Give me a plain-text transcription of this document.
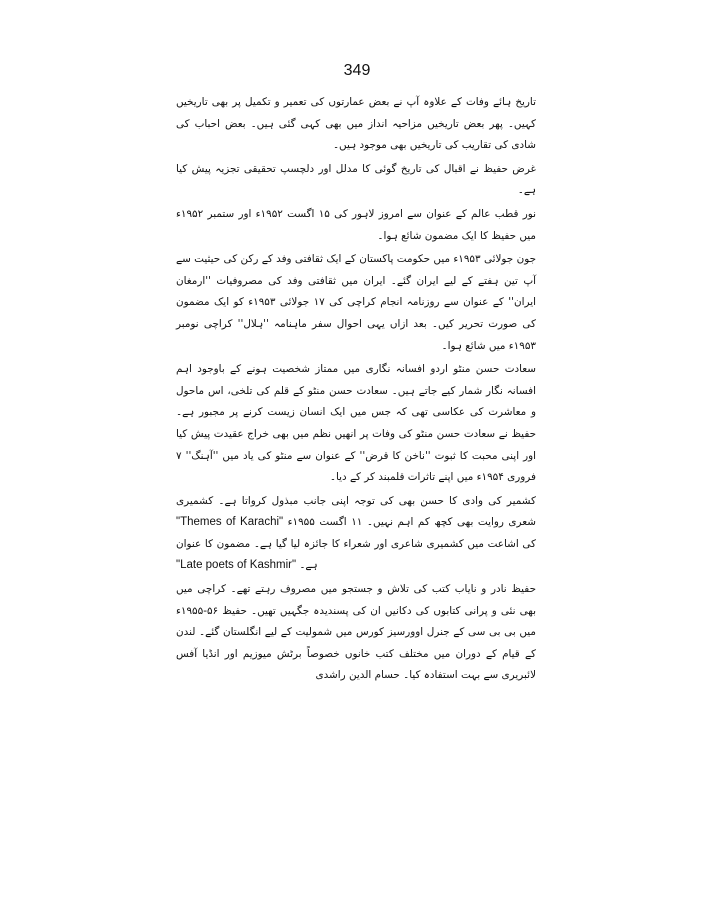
349

تاریخ ہائے وفات کے علاوہ آپ نے بعض عمارتوں کی تعمیر و تکمیل پر بھی تاریخیں کہیں۔ پھر بعض تاریخیں مزاحیہ انداز میں بھی کہی گئی ہیں۔ بعض احباب کی شادی کی تقاریب کی تاریخیں بھی موجود ہیں۔

غرض حفیظ نے اقبال کی تاریخ گوئی کا مدلل اور دلچسپ تحقیقی تجزیہ پیش کیا ہے۔

نور قطب عالم کے عنوان سے امروز لاہور کی ۱۵ اگست ۱۹۵۲ء اور ستمبر ۱۹۵۲ء میں حفیظ کا ایک مضمون شائع ہوا۔

جون جولائی ۱۹۵۳ء میں حکومت پاکستان کے ایک ثقافتی وفد کے رکن کی حیثیت سے آپ تین ہفتے کے لیے ایران گئے۔ ایران میں ثقافتی وفد کی مصروفیات ''ارمغان ایران'' کے عنوان سے روزنامہ انجام کراچی کی ۱۷ جولائی ۱۹۵۳ء کو ایک مضمون کی صورت تحریر کیں۔ بعد ازاں یہی احوال سفر ماہنامہ ''ہلال'' کراچی نومبر ۱۹۵۳ء میں شائع ہوا۔

سعادت حسن منٹو اردو افسانہ نگاری میں ممتاز شخصیت ہونے کے باوجود اہم افسانہ نگار شمار کیے جاتے ہیں۔ سعادت حسن منٹو کے قلم کی تلخی، اس ماحول و معاشرت کی عکاسی تھی کہ جس میں ایک انسان زیست کرنے پر مجبور ہے۔ حفیظ نے سعادت حسن منٹو کی وفات پر انھیں نظم میں بھی خراج عقیدت پیش کیا اور اپنی محبت کا ثبوت ''ناخن کا قرض'' کے عنوان سے منٹو کی یاد میں ''آہنگ'' ۷ فروری ۱۹۵۴ء میں اپنے تاثرات قلمبند کر کے دیا۔

کشمیر کی وادی کا حسن بھی کی توجہ اپنی جانب مبذول کرواتا ہے۔ کشمیری شعری روایت بھی کچھ کم اہم نہیں۔ ۱۱ اگست ۱۹۵۵ء "Themes of Karachi" کی اشاعت میں کشمیری شاعری اور شعراء کا جائزہ لیا گیا ہے۔ مضمون کا عنوان ہے۔ "Late poets of Kashmir"

حفیظ نادر و نایاب کتب کی تلاش و جستجو میں مصروف رہتے تھے۔ کراچی میں بھی نئی و پرانی کتابوں کی دکانیں ان کی پسندیدہ جگہیں تھیں۔ حفیظ ۵۶-۱۹۵۵ء میں بی بی سی کے جنرل اوورسیز کورس میں شمولیت کے لیے انگلستان گئے۔ لندن کے قیام کے دوران میں مختلف کتب خانوں خصوصاً برٹش میوزیم اور انڈیا آفس لائبریری سے بہت استفادہ کیا۔ حسام الدین راشدی
